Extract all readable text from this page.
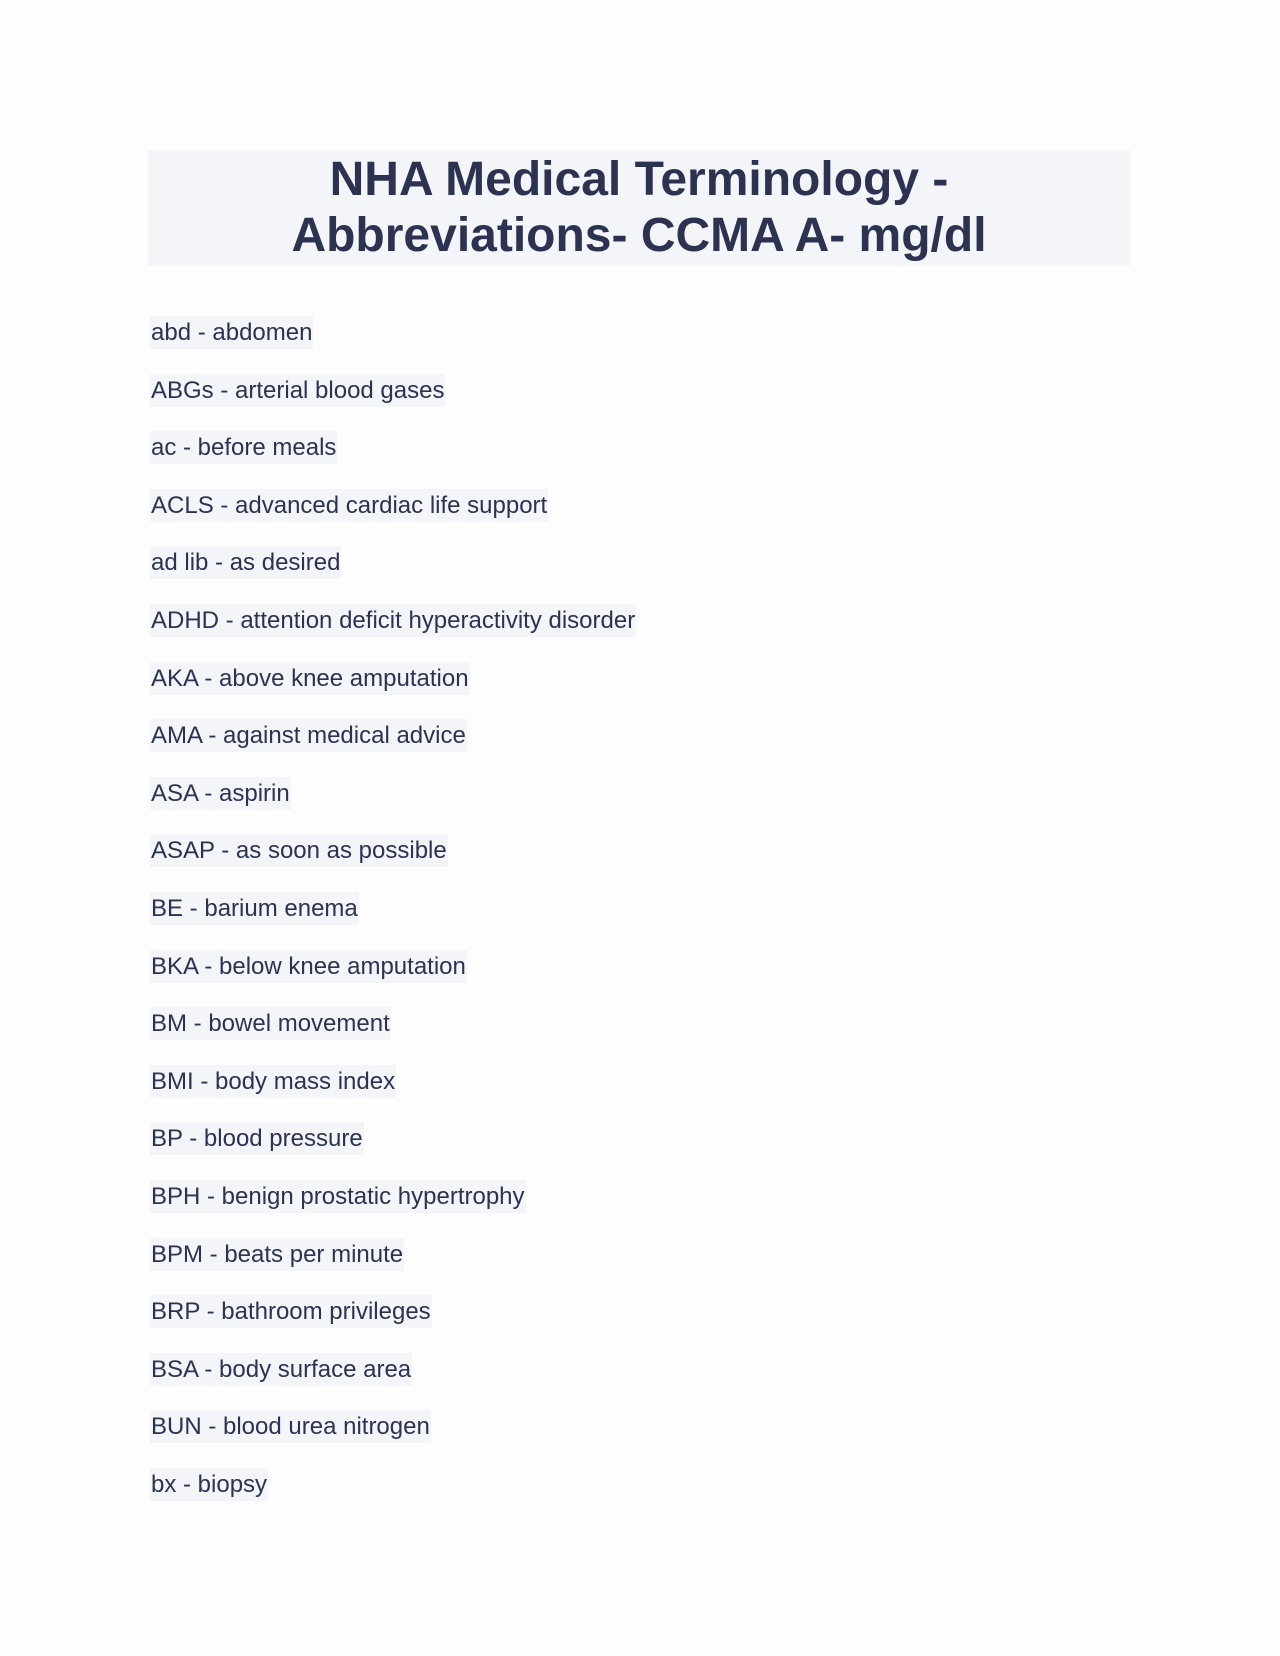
NHA Medical Terminology -
Abbreviations- CCMA A- mg/dl
abd - abdomen
ABGs - arterial blood gases
ac - before meals
ACLS - advanced cardiac life support
ad lib - as desired
ADHD - attention deficit hyperactivity disorder
AKA - above knee amputation
AMA - against medical advice
ASA - aspirin
ASAP - as soon as possible
BE - barium enema
BKA - below knee amputation
BM - bowel movement
BMI - body mass index
BP - blood pressure
BPH - benign prostatic hypertrophy
BPM - beats per minute
BRP - bathroom privileges
BSA - body surface area
BUN - blood urea nitrogen
bx - biopsy
